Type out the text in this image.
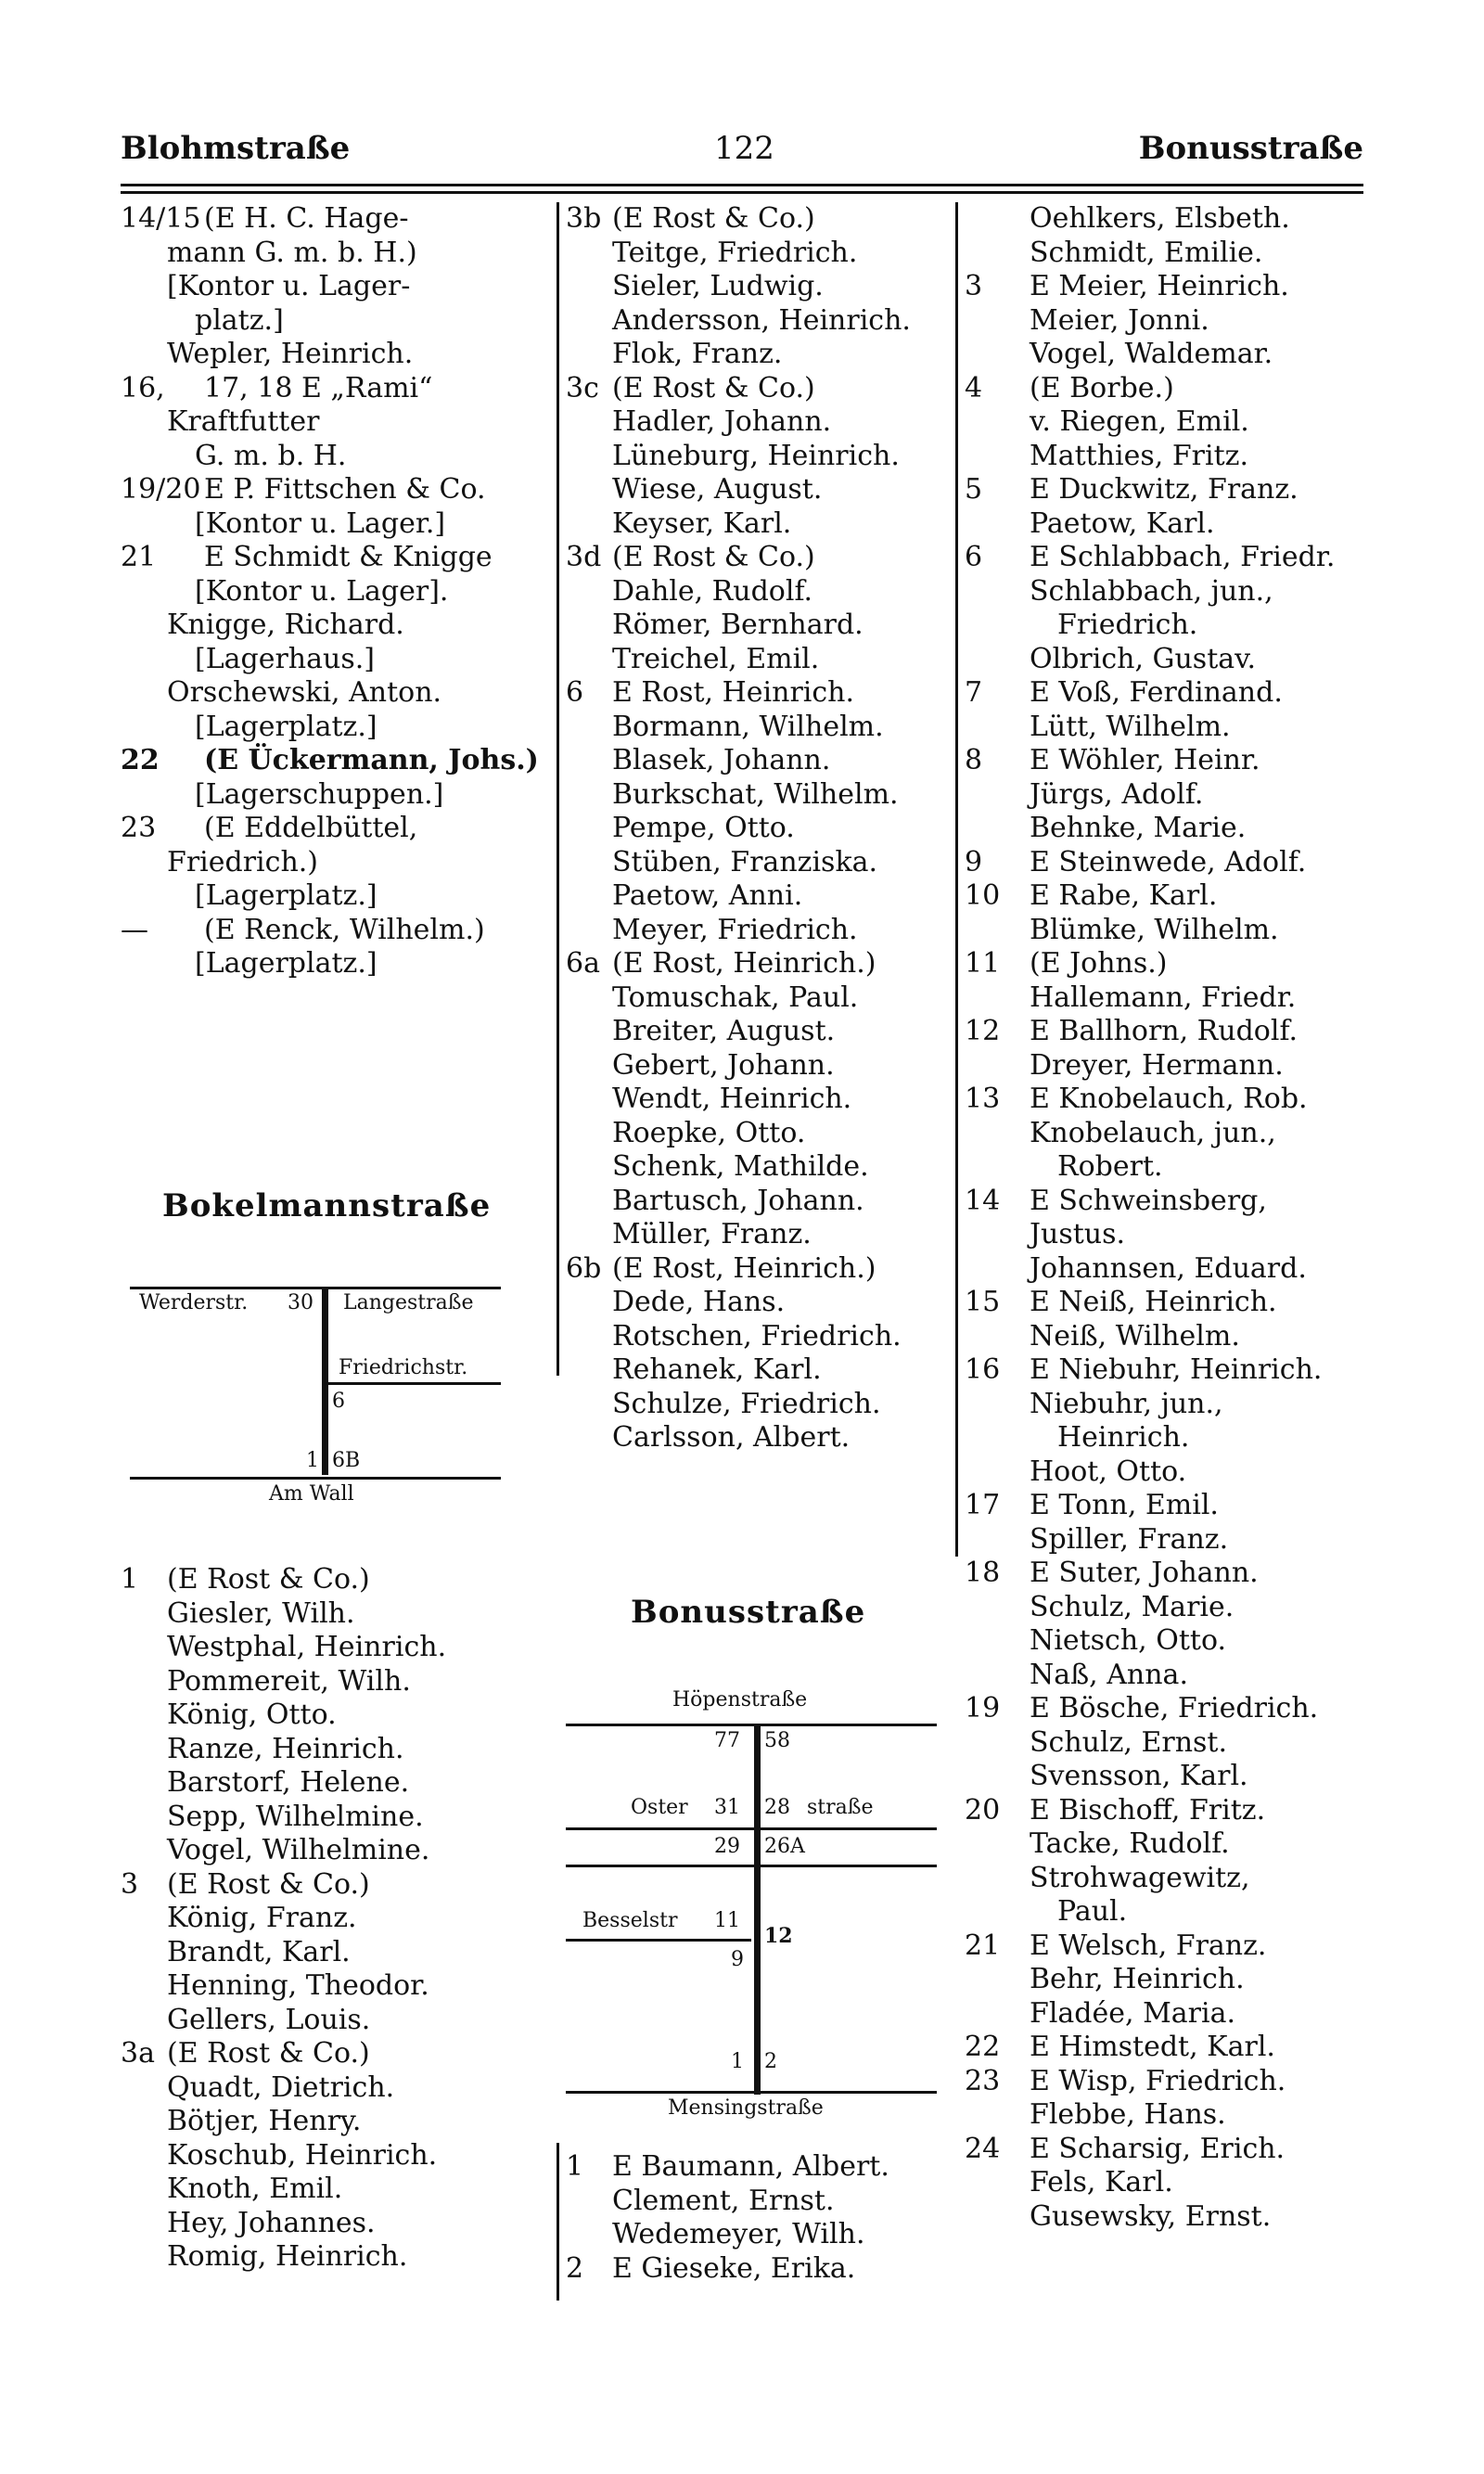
Blohmstraße	122	Bonusstraße
14/15 (E H. C. Hage-
mann G. m. b. H.)
[Kontor u. Lager-
platz.]
Wepler, Heinrich.
16,	17, 18 E „Rami“
Kraftfutter
G. m. b. H.
19/20 E P. Fittschen & Co.
[Kontor u. Lager.]
21	E Schmidt & Knigge
[Kontor u. Lager].
Knigge, Richard.
[Lagerhaus.]
Orschewski, Anton.
[Lagerplatz.]
22	(E Ückermann, Johs.)
[Lagerschuppen.]
23	(E Eddelbüttel,
Friedrich.)
[Lagerplatz.]
—	(E Renck, Wilhelm.)
[Lagerplatz.]
Bokelmannstraße
Werderstr. 30 Langestraße
Friedrichstr.
6
1 6B
Am Wall
1	(E Rost & Co.)
Giesler, Wilh.
Westphal, Heinrich.
Pommereit, Wilh.
König, Otto.
Ranze, Heinrich.
Barstorf, Helene.
Sepp, Wilhelmine.
Vogel, Wilhelmine.
3	(E Rost & Co.)
König, Franz.
Brandt, Karl.
Henning, Theodor.
Gellers, Louis.
3a (E Rost & Co.)
Quadt, Dietrich.
Bötjer, Henry.
Koschub, Heinrich.
Knoth, Emil.
Hey, Johannes.
Romig, Heinrich.
3b (E Rost & Co.)
Teitge, Friedrich.
Sieler, Ludwig.
Andersson, Heinrich.
Flok, Franz.
3c (E Rost & Co.)
Hadler, Johann.
Lüneburg, Heinrich.
Wiese, August.
Keyser, Karl.
3d (E Rost & Co.)
Dahle, Rudolf.
Römer, Bernhard.
Treichel, Emil.
6	E Rost, Heinrich.
Bormann, Wilhelm.
Blasek, Johann.
Burkschat, Wilhelm.
Pempe, Otto.
Stüben, Franziska.
Paetow, Anni.
Meyer, Friedrich.
6a (E Rost, Heinrich.)
Tomuschak, Paul.
Breiter, August.
Gebert, Johann.
Wendt, Heinrich.
Roepke, Otto.
Schenk, Mathilde.
Bartusch, Johann.
Müller, Franz.
6b (E Rost, Heinrich.)
Dede, Hans.
Rotschen, Friedrich.
Rehanek, Karl.
Schulze, Friedrich.
Carlsson, Albert.
Bonusstraße
Höpenstraße
77 58
Oster 31 28 straße
29 26A
Besselstr 11
12
9
1 2
Mensingstraße
1	E Baumann, Albert.
Clement, Ernst.
Wedemeyer, Wilh.
2	E Gieseke, Erika.
Oehlkers, Elsbeth.
Schmidt, Emilie.
3	E Meier, Heinrich.
Meier, Jonni.
Vogel, Waldemar.
4	(E Borbe.)
v. Riegen, Emil.
Matthies, Fritz.
5	E Duckwitz, Franz.
Paetow, Karl.
6	E Schlabbach, Friedr.
Schlabbach, jun.,
Friedrich.
Olbrich, Gustav.
7	E Voß, Ferdinand.
Lütt, Wilhelm.
8	E Wöhler, Heinr.
Jürgs, Adolf.
Behnke, Marie.
9	E Steinwede, Adolf.
10	E Rabe, Karl.
Blümke, Wilhelm.
11	(E Johns.)
Hallemann, Friedr.
12	E Ballhorn, Rudolf.
Dreyer, Hermann.
13	E Knobelauch, Rob.
Knobelauch, jun.,
Robert.
14	E Schweinsberg,
Justus.
Johannsen, Eduard.
15	E Neiß, Heinrich.
Neiß, Wilhelm.
16	E Niebuhr, Heinrich.
Niebuhr, jun.,
Heinrich.
Hoot, Otto.
17	E Tonn, Emil.
Spiller, Franz.
18	E Suter, Johann.
Schulz, Marie.
Nietsch, Otto.
Naß, Anna.
19	E Bösche, Friedrich.
Schulz, Ernst.
Svensson, Karl.
20	E Bischoff, Fritz.
Tacke, Rudolf.
Strohwagewitz,
Paul.
21	E Welsch, Franz.
Behr, Heinrich.
Fladée, Maria.
22	E Himstedt, Karl.
23	E Wisp, Friedrich.
Flebbe, Hans.
24	E Scharsig, Erich.
Fels, Karl.
Gusewsky, Ernst.
